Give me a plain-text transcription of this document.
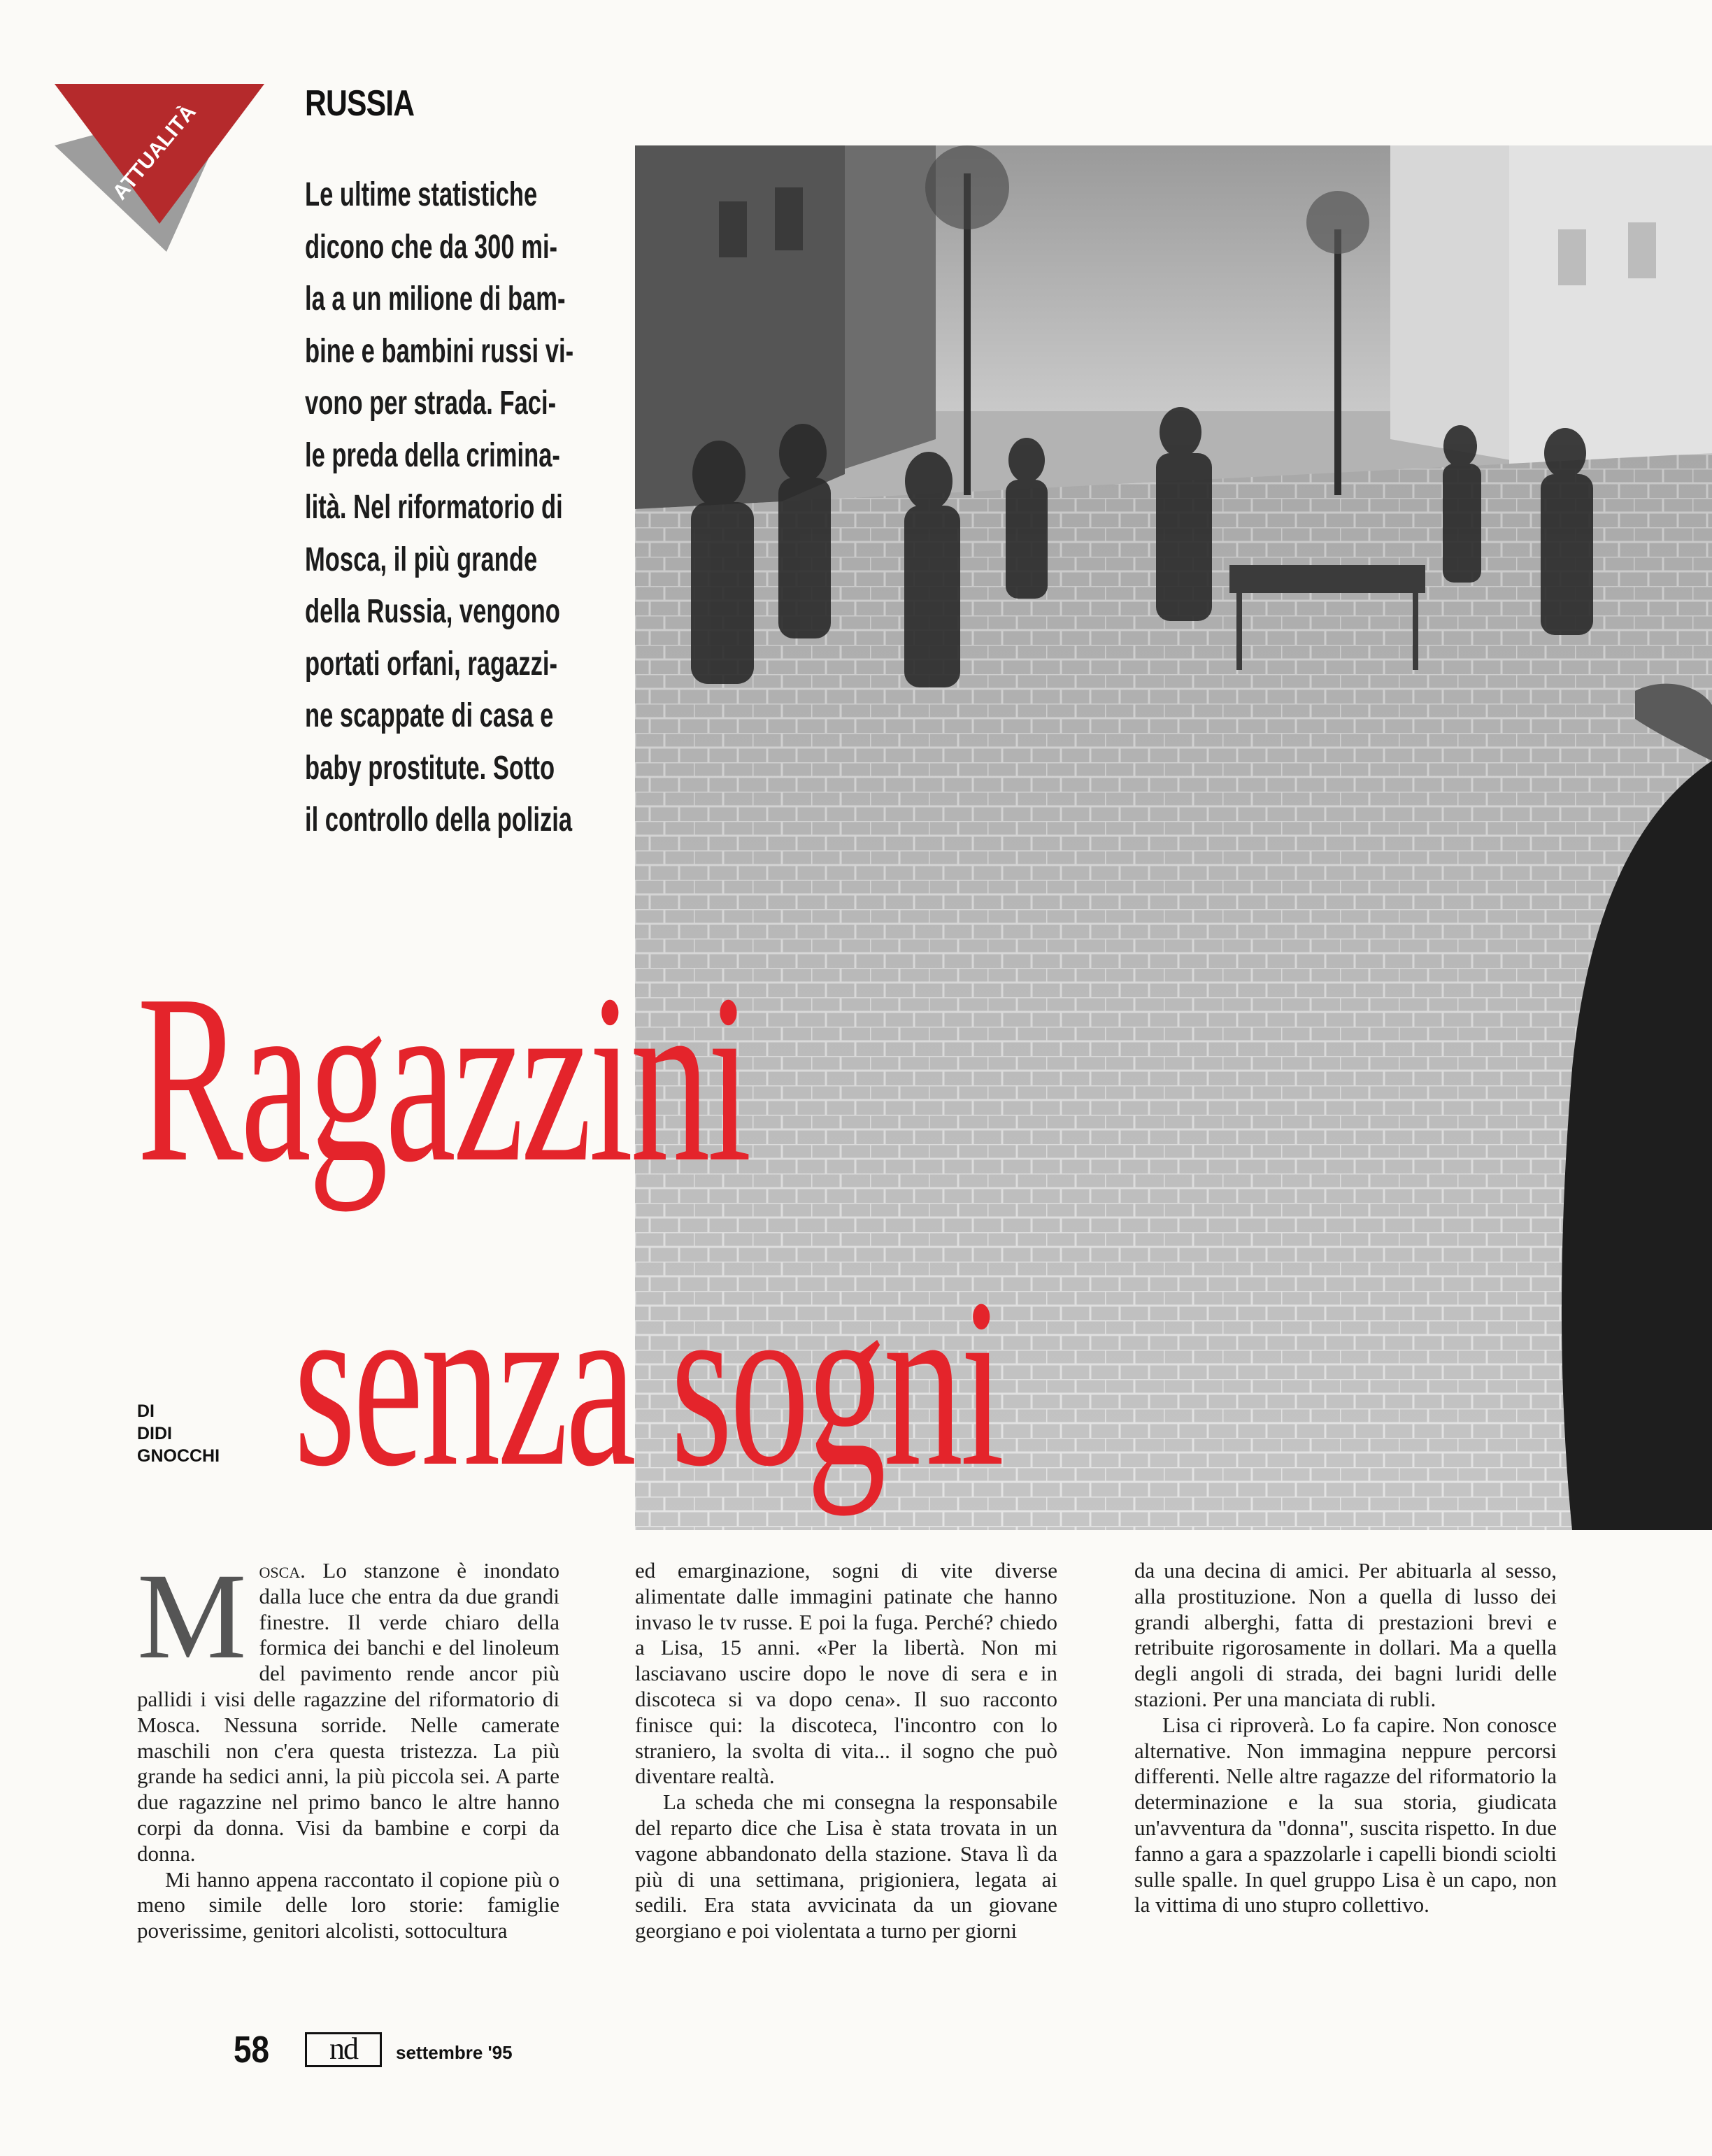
ATTUALITÀ	RUSSIA
Le ultime statistiche
dicono che da 300 mi-
la a un milione di bam-
bine e bambini russi vi-
vono per strada. Faci-
le preda della crimina-
lità. Nel riformatorio di
Mosca, il più grande
della Russia, vengono
portati orfani, ragazzi-
ne scappate di casa e
baby prostitute. Sotto
il controllo della polizia
Ragazzini
senza sogni
DI
DIDI
GNOCCHI

Mosca. Lo stanzone è inondato dalla luce che entra da due grandi finestre. Il verde chiaro della formica dei banchi e del linoleum del pavimento rende ancor più pallidi i visi delle ragazzine del riformatorio di Mosca. Nessuna sorride. Nelle camerate maschili non c'era questa tristezza. La più grande ha sedici anni, la più piccola sei. A parte due ragazzine nel primo banco le altre hanno corpi da donna. Visi da bambine e corpi da donna.

Mi hanno appena raccontato il copione più o meno simile delle loro storie: famiglie poverissime, genitori alcolisti, sottocultura

ed emarginazione, sogni di vite diverse alimentate dalle immagini patinate che hanno invaso le tv russe. E poi la fuga. Perché? chiedo a Lisa, 15 anni. «Per la libertà. Non mi lasciavano uscire dopo le nove di sera e in discoteca si va dopo cena». Il suo racconto finisce qui: la discoteca, l'incontro con lo straniero, la svolta di vita... il sogno che può diventare realtà.

La scheda che mi consegna la responsabile del reparto dice che Lisa è stata trovata in un vagone abbandonato della stazione. Stava lì da più di una settimana, prigioniera, legata ai sedili. Era stata avvicinata da un giovane georgiano e poi violentata a turno per giorni

da una decina di amici. Per abituarla al sesso, alla prostituzione. Non a quella di lusso dei grandi alberghi, fatta di prestazioni brevi e retribuite rigorosamente in dollari. Ma a quella degli angoli di strada, dei bagni luridi delle stazioni. Per una manciata di rubli.

Lisa ci riproverà. Lo fa capire. Non conosce alternative. Non immagina neppure percorsi differenti. Nelle altre ragazze del riformatorio la determinazione e la sua storia, giudicata un'avventura da "donna", suscita rispetto. In due fanno a gara a spazzolarle i capelli biondi sciolti sulle spalle. In quel gruppo Lisa è un capo, non la vittima di uno stupro collettivo.

58	nd	settembre '95
